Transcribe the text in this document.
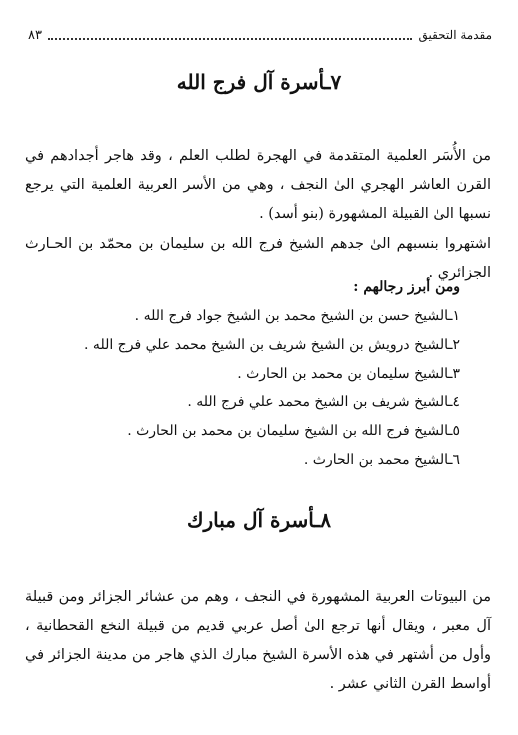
مقدمة التحقيق
٨٣
٧ـأسرة آل فرج الله

من الأُسَر العلمية المتقدمة في الهجرة لطلب العلم ، وقد هاجر أجدادهم في القرن العاشر الهجري الىٰ النجف ، وهي من الأسر العربية العلمية التي يرجع نسبها الىٰ القبيلة المشهورة (بنو أسد) .

اشتهروا بنسبهم الىٰ جدهم الشيخ فرج الله بن سليمان بن محمّد بن الحـارث الجزائري .

ومن أبرز رجالهم :
١ـالشيخ حسن بن الشيخ محمد بن الشيخ جواد فرج الله .
٢ـالشيخ درويش بن الشيخ شريف بن الشيخ محمد علي فرج الله .
٣ـالشيخ سليمان بن محمد بن الحارث .
٤ـالشيخ شريف بن الشيخ محمد علي فرج الله .
٥ـالشيخ فرج الله بن الشيخ سليمان بن محمد بن الحارث .
٦ـالشيخ محمد بن الحارث .
٨ـأسرة آل مبارك

من البيوتات العربية المشهورة في النجف ، وهم من عشائر الجزائر ومن قبيلة آل معبر ، ويقال أنها ترجع الىٰ أصل عربي قديم من قبيلة النخع القحطانية ، وأول من أشتهر في هذه الأسرة الشيخ مبارك الذي هاجر من مدينة الجزائر في أواسط القرن الثاني عشر .
